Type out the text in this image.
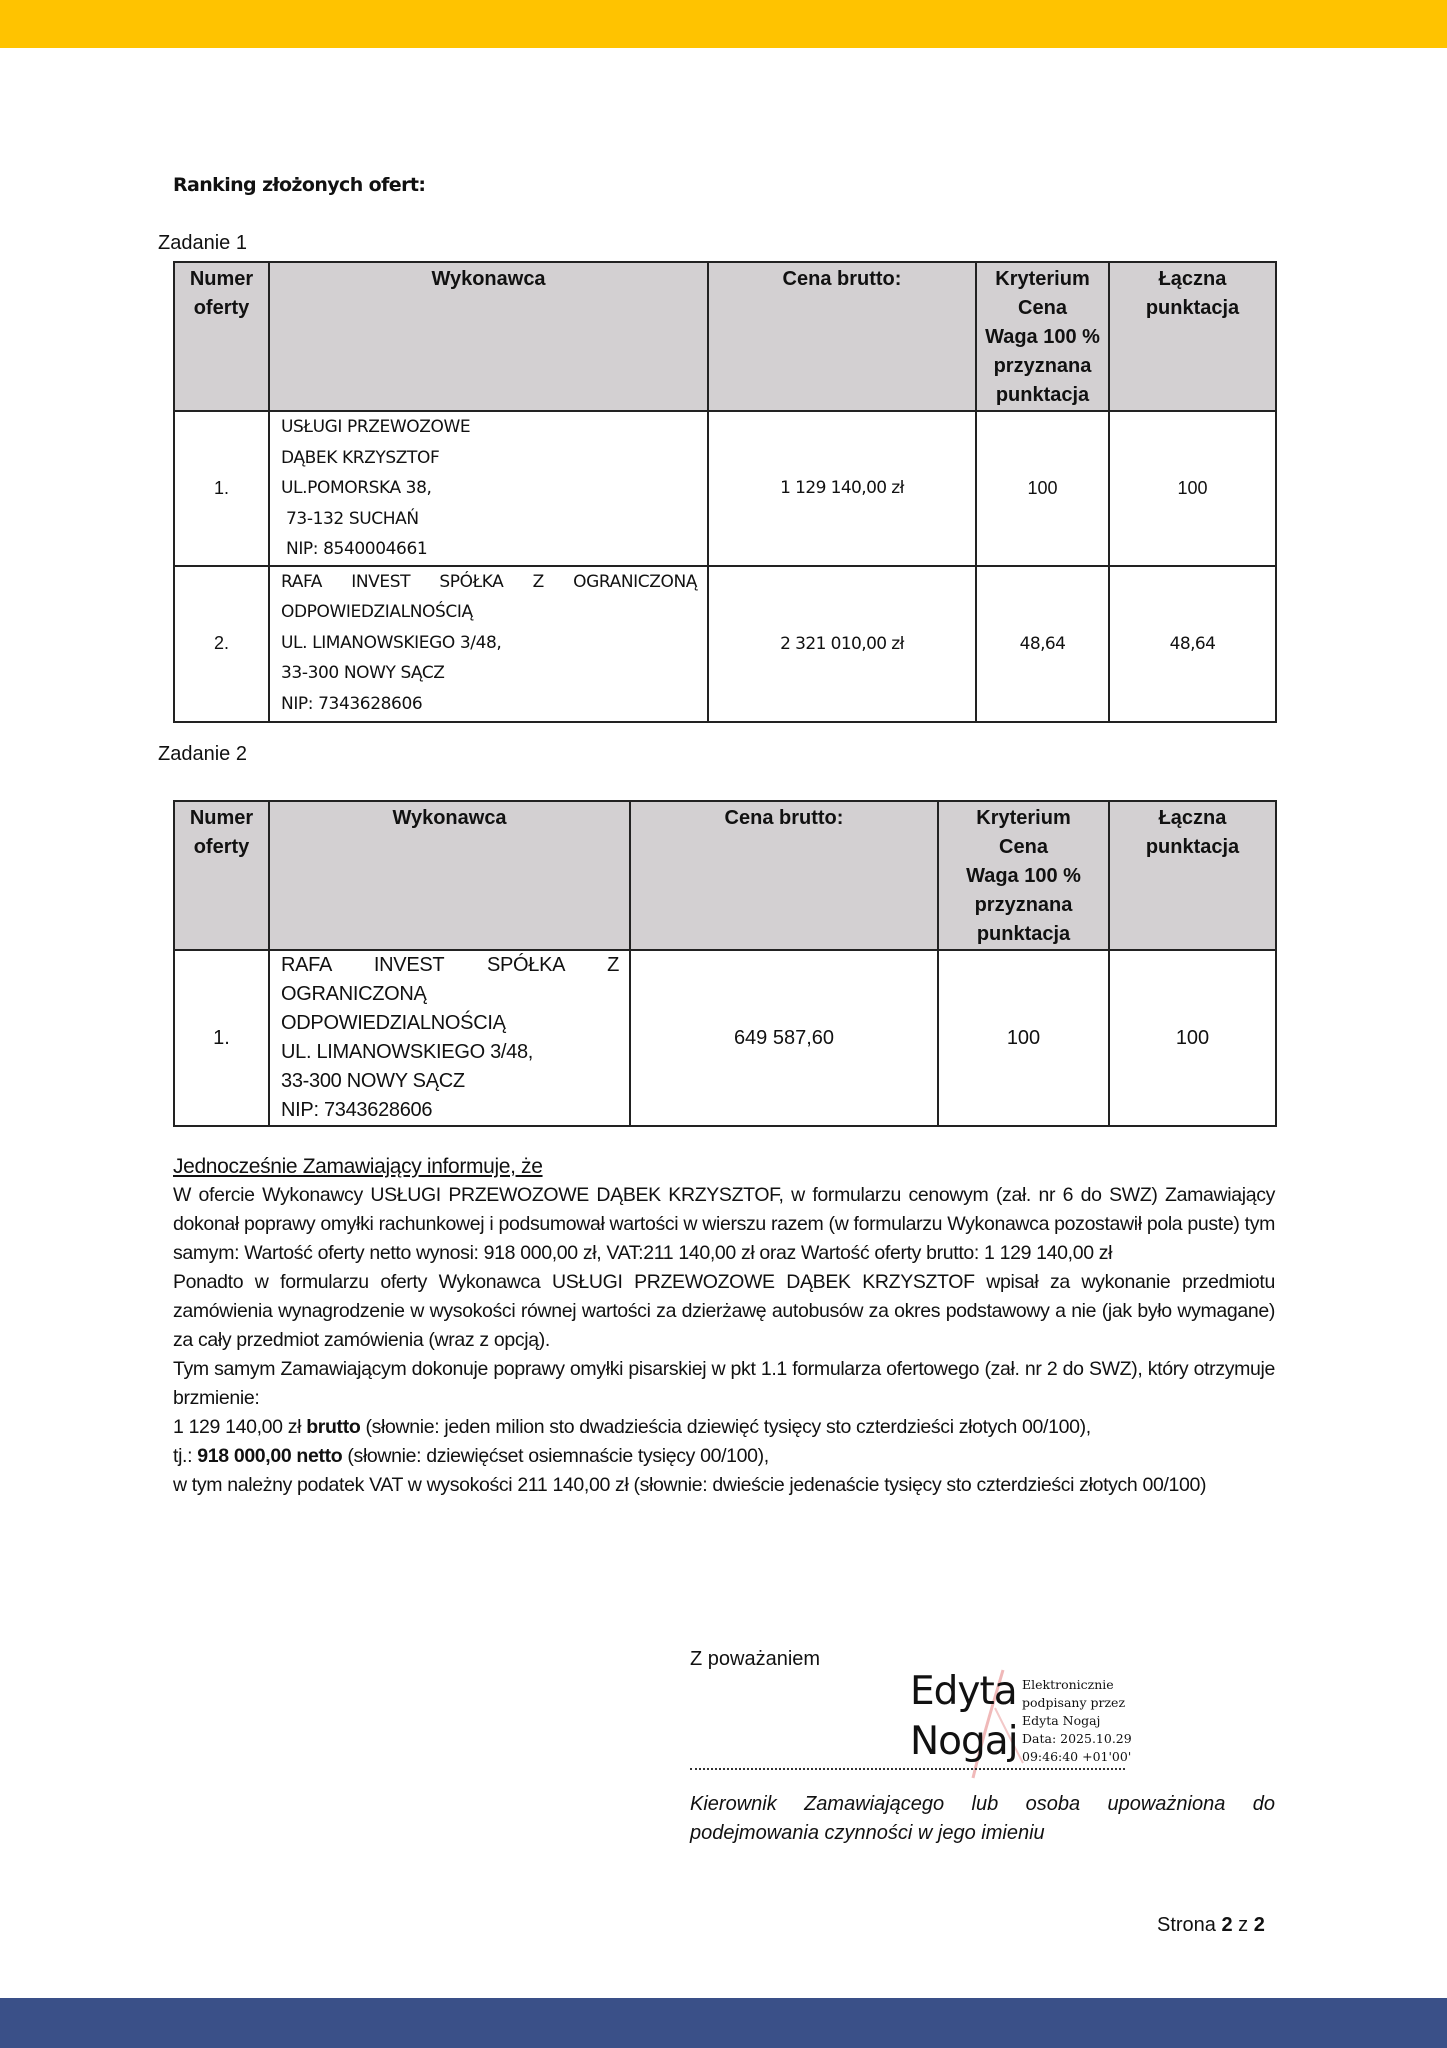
Ranking złożonych ofert:
Zadanie 1
Numer
oferty	Wykonawca	Cena brutto:	Kryterium
Cena
Waga 100 %
przyznana
punktacja	Łączna
punktacja

1.	USŁUGI PRZEWOZOWE
DĄBEK KRZYSZTOF
UL.POMORSKA 38,
73-132 SUCHAŃ
NIP: 8540004661	1 129 140,00 zł	100	100
2.	RAFA INVEST SPÓŁKA Z OGRANICZONĄ
ODPOWIEDZIALNOŚCIĄ
UL. LIMANOWSKIEGO 3/48,
33-300 NOWY SĄCZ
NIP: 7343628606	2 321 010,00 zł	48,64	48,64
Zadanie 2
Numer
oferty	Wykonawca	Cena brutto:	Kryterium
Cena
Waga 100 %
przyznana
punktacja	Łączna
punktacja

1.	
RAFA INVEST SPÓŁKA Z
OGRANICZONĄ
ODPOWIEDZIALNOŚCIĄ
UL. LIMANOWSKIEGO 3/48,
33-300 NOWY SĄCZ
NIP: 7343628606
	649 587,60	100	100
Jednocześnie Zamawiający informuje, że

W ofercie Wykonawcy USŁUGI PRZEWOZOWE DĄBEK KRZYSZTOF, w formularzu cenowym (zał. nr 6 do SWZ) Zamawiający dokonał poprawy omyłki rachunkowej i podsumował wartości w wierszu razem (w formularzu Wykonawca pozostawił pola puste) tym samym: Wartość oferty netto wynosi: 918 000,00 zł, VAT:211 140,00 zł oraz Wartość oferty brutto: 1 129 140,00 zł

Ponadto w formularzu oferty Wykonawca USŁUGI PRZEWOZOWE DĄBEK KRZYSZTOF wpisał za wykonanie przedmiotu zamówienia wynagrodzenie w wysokości równej wartości za dzierżawę autobusów za okres podstawowy a nie (jak było wymagane) za cały przedmiot zamówienia (wraz z opcją).

Tym samym Zamawiającym dokonuje poprawy omyłki pisarskiej w pkt 1.1 formularza ofertowego (zał. nr 2 do SWZ), który otrzymuje brzmienie:

1 129 140,00 zł brutto (słownie: jeden milion sto dwadzieścia dziewięć tysięcy sto czterdzieści złotych 00/100),

tj.: 918 000,00 netto (słownie: dziewięćset osiemnaście tysięcy 00/100),

w tym należny podatek VAT w wysokości 211 140,00 zł (słownie: dwieście jedenaście tysięcy sto czterdzieści złotych 00/100)

Z poważaniem
Edyta
Nogaj
Elektronicznie
podpisany przez
Edyta Nogaj
Data: 2025.10.29
09:46:40 +01'00'
Kierownik Zamawiającego lub osoba upoważniona do podejmowania czynności w jego imieniu
Strona 2 z 2
